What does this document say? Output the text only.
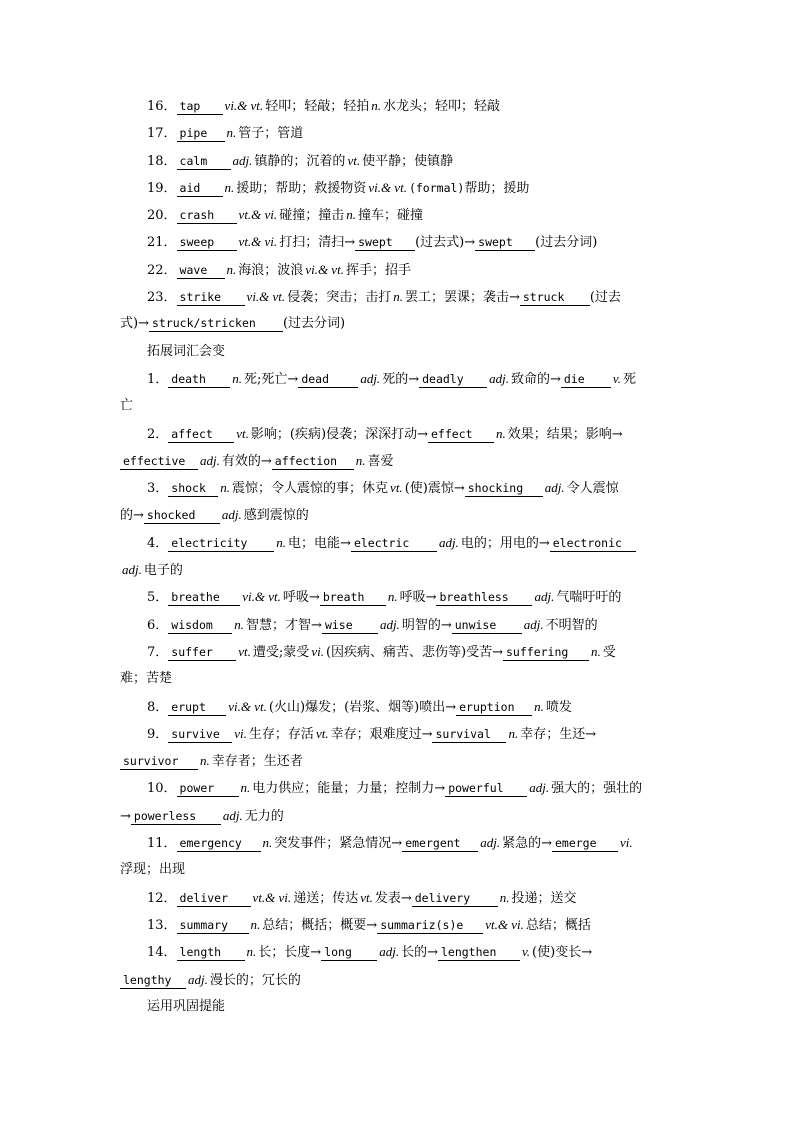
16． tap vi.& vt. 轻叩；轻敲；轻拍 n. 水龙头；轻叩；轻敲
17． pipe n. 管子；管道
18． calm adj. 镇静的；沉着的 vt. 使平静；使镇静
19． aid n. 援助；帮助；救援物资 vi.& vt. (formal)帮助；援助
20． crash vt.& vi. 碰撞；撞击 n. 撞车；碰撞
21． sweep vt.& vi. 打扫；清扫→ swept (过去式)→ swept (过去分词)
22． wave n. 海浪；波浪 vi.& vt. 挥手；招手
23． strike vi.& vt. 侵袭；突击；击打 n. 罢工；罢课；袭击→ struck (过去
式)→ struck/stricken (过去分词)
拓展词汇会变
1． death n. 死;死亡→ dead adj. 死的→ deadly adj. 致命的→ die v. 死
亡
2． affect vt. 影响；(疾病)侵袭；深深打动→ effect n. 效果；结果；影响→
effective adj. 有效的→ affection n. 喜爱
3． shock n. 震惊；令人震惊的事；休克 vt. (使)震惊→ shocking adj. 令人震惊
的→ shocked adj. 感到震惊的
4． electricity n. 电；电能→ electric adj. 电的；用电的→ electronic
adj. 电子的
5． breathe vi.& vt. 呼吸→ breath n. 呼吸→ breathless adj. 气喘吁吁的
6． wisdom n. 智慧；才智→ wise adj. 明智的→ unwise adj. 不明智的
7． suffer vt. 遭受;蒙受 vi. (因疾病、痛苦、悲伤等)受苦→ suffering n. 受
难；苦楚
8． erupt vi.& vt. (火山)爆发；(岩浆、烟等)喷出→ eruption n. 喷发
9． survive vi. 生存；存活 vt. 幸存；艰难度过→ survival n. 幸存；生还→
survivor n. 幸存者；生还者
10． power n. 电力供应；能量；力量；控制力→ powerful adj. 强大的；强壮的
→ powerless adj. 无力的
11． emergency n. 突发事件；紧急情况→ emergent adj. 紧急的→ emerge vi.
浮现；出现
12． deliver vt.& vi. 递送；传达 vt. 发表→ delivery n. 投递；送交
13． summary n. 总结；概括；概要→ summariz(s)e vt.& vi. 总结；概括
14． length n. 长；长度→ long adj. 长的→ lengthen v. (使)变长→
lengthy adj. 漫长的；冗长的
运用巩固提能
